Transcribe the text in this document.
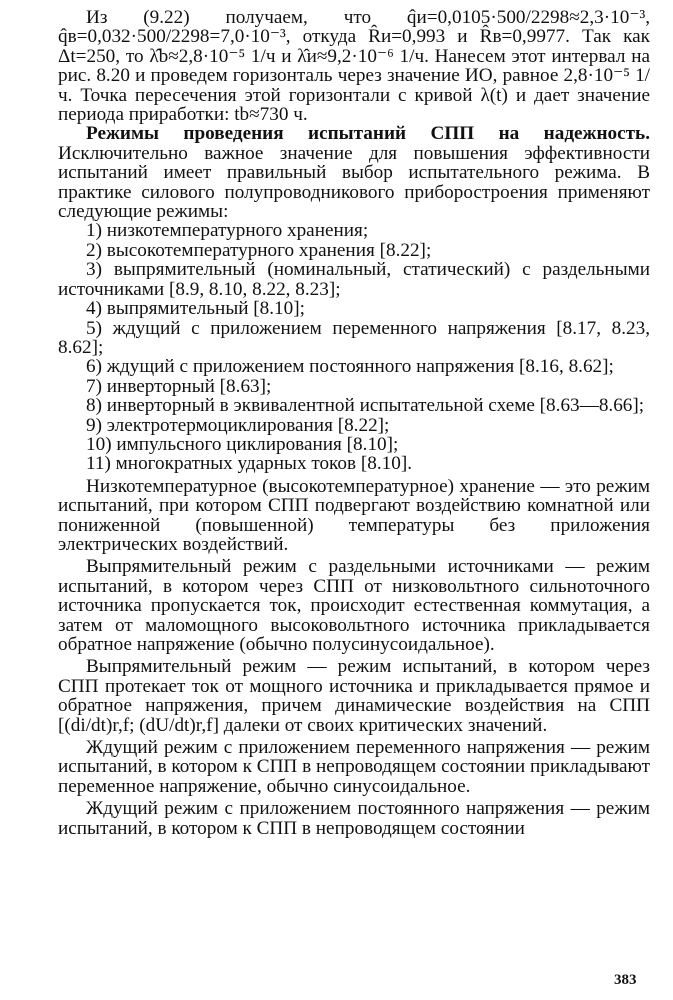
Из (9.22) получаем, что q̂и=0,0105·500/2298≈2,3·10⁻³, q̂в=0,032·500/2298=7,0·10⁻³, откуда R̂и=0,993 и R̂в=0,9977. Так как Δt=250, то λ̂b≈2,8·10⁻⁵ 1/ч и λ̂и≈9,2·10⁻⁶ 1/ч. Нанесем этот интервал на рис. 8.20 и проведем горизонталь через значение ИО, равное 2,8·10⁻⁵ 1/ч. Точка пересечения этой горизонтали с кривой λ(t) и дает значение периода приработки: tb≈730 ч.

Режимы проведения испытаний СПП на надежность. Исключительно важное значение для повышения эффективности испытаний имеет правильный выбор испытательного режима. В практике силового полупроводникового приборостроения применяют следующие режимы:

1) низкотемпературного хранения;

2) высокотемпературного хранения [8.22];

3) выпрямительный (номинальный, статический) с раздельными источниками [8.9, 8.10, 8.22, 8.23];

4) выпрямительный [8.10];

5) ждущий с приложением переменного напряжения [8.17, 8.23, 8.62];

6) ждущий с приложением постоянного напряжения [8.16, 8.62];

7) инверторный [8.63];

8) инверторный в эквивалентной испытательной схеме [8.63—8.66];

9) электротермоциклирования [8.22];

10) импульсного циклирования [8.10];

11) многократных ударных токов [8.10].

Низкотемпературное (высокотемпературное) хранение — это режим испытаний, при котором СПП подвергают воздействию комнатной или пониженной (повышенной) температуры без приложения электрических воздействий.

Выпрямительный режим с раздельными источниками — режим испытаний, в котором через СПП от низковольтного сильноточного источника пропускается ток, происходит естественная коммутация, а затем от маломощного высоковольтного источника прикладывается обратное напряжение (обычно полусинусоидальное).

Выпрямительный режим — режим испытаний, в котором через СПП протекает ток от мощного источника и прикладывается прямое и обратное напряжения, причем динамические воздействия на СПП [(di/dt)r,f; (dU/dt)r,f] далеки от своих критических значений.

Ждущий режим с приложением переменного напряжения — режим испытаний, в котором к СПП в непроводящем состоянии прикладывают переменное напряжение, обычно синусоидальное.

Ждущий режим с приложением постоянного напряжения — режим испытаний, в котором к СПП в непроводящем состоянии

383
